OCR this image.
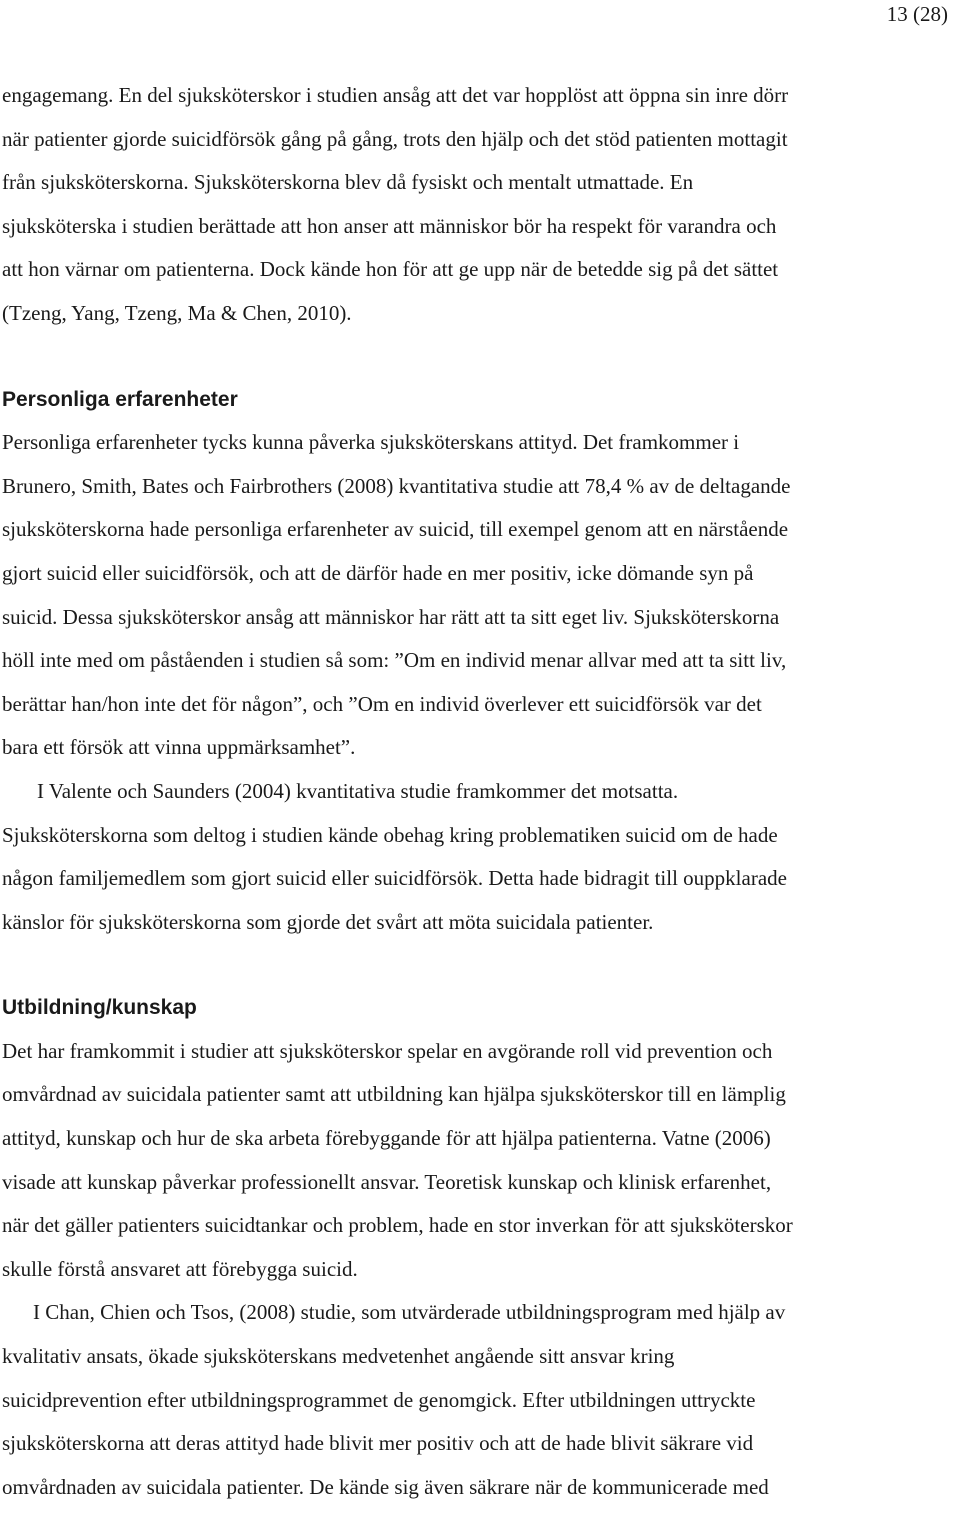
13 (28)

engagemang. En del sjuksköterskor i studien ansåg att det var hopplöst att öppna sin inre dörr
när patienter gjorde suicidförsök gång på gång, trots den hjälp och det stöd patienten mottagit
från sjuksköterskorna. Sjuksköterskorna blev då fysiskt och mentalt utmattade. En
sjuksköterska i studien berättade att hon anser att människor bör ha respekt för varandra och
att hon värnar om patienterna. Dock kände hon för att ge upp när de betedde sig på det sättet
(Tzeng, Yang, Tzeng, Ma & Chen, 2010).

Personliga erfarenheter

Personliga erfarenheter tycks kunna påverka sjuksköterskans attityd. Det framkommer i
Brunero, Smith, Bates och Fairbrothers (2008) kvantitativa studie att 78,4 % av de deltagande
sjuksköterskorna hade personliga erfarenheter av suicid, till exempel genom att en närstående
gjort suicid eller suicidförsök, och att de därför hade en mer positiv, icke dömande syn på
suicid. Dessa sjuksköterskor ansåg att människor har rätt att ta sitt eget liv. Sjuksköterskorna
höll inte med om påståenden i studien så som: ”Om en individ menar allvar med att ta sitt liv,
berättar han/hon inte det för någon”, och ”Om en individ överlever ett suicidförsök var det
bara ett försök att vinna uppmärksamhet”.

I Valente och Saunders (2004) kvantitativa studie framkommer det motsatta.
Sjuksköterskorna som deltog i studien kände obehag kring problematiken suicid om de hade
någon familjemedlem som gjort suicid eller suicidförsök. Detta hade bidragit till ouppklarade
känslor för sjuksköterskorna som gjorde det svårt att möta suicidala patienter.

Utbildning/kunskap

Det har framkommit i studier att sjuksköterskor spelar en avgörande roll vid prevention och
omvårdnad av suicidala patienter samt att utbildning kan hjälpa sjuksköterskor till en lämplig
attityd, kunskap och hur de ska arbeta förebyggande för att hjälpa patienterna. Vatne (2006)
visade att kunskap påverkar professionellt ansvar. Teoretisk kunskap och klinisk erfarenhet,
när det gäller patienters suicidtankar och problem, hade en stor inverkan för att sjuksköterskor
skulle förstå ansvaret att förebygga suicid.

I Chan, Chien och Tsos, (2008) studie, som utvärderade utbildningsprogram med hjälp av
kvalitativ ansats, ökade sjuksköterskans medvetenhet angående sitt ansvar kring
suicidprevention efter utbildningsprogrammet de genomgick. Efter utbildningen uttryckte
sjuksköterskorna att deras attityd hade blivit mer positiv och att de hade blivit säkrare vid
omvårdnaden av suicidala patienter. De kände sig även säkrare när de kommunicerade med
